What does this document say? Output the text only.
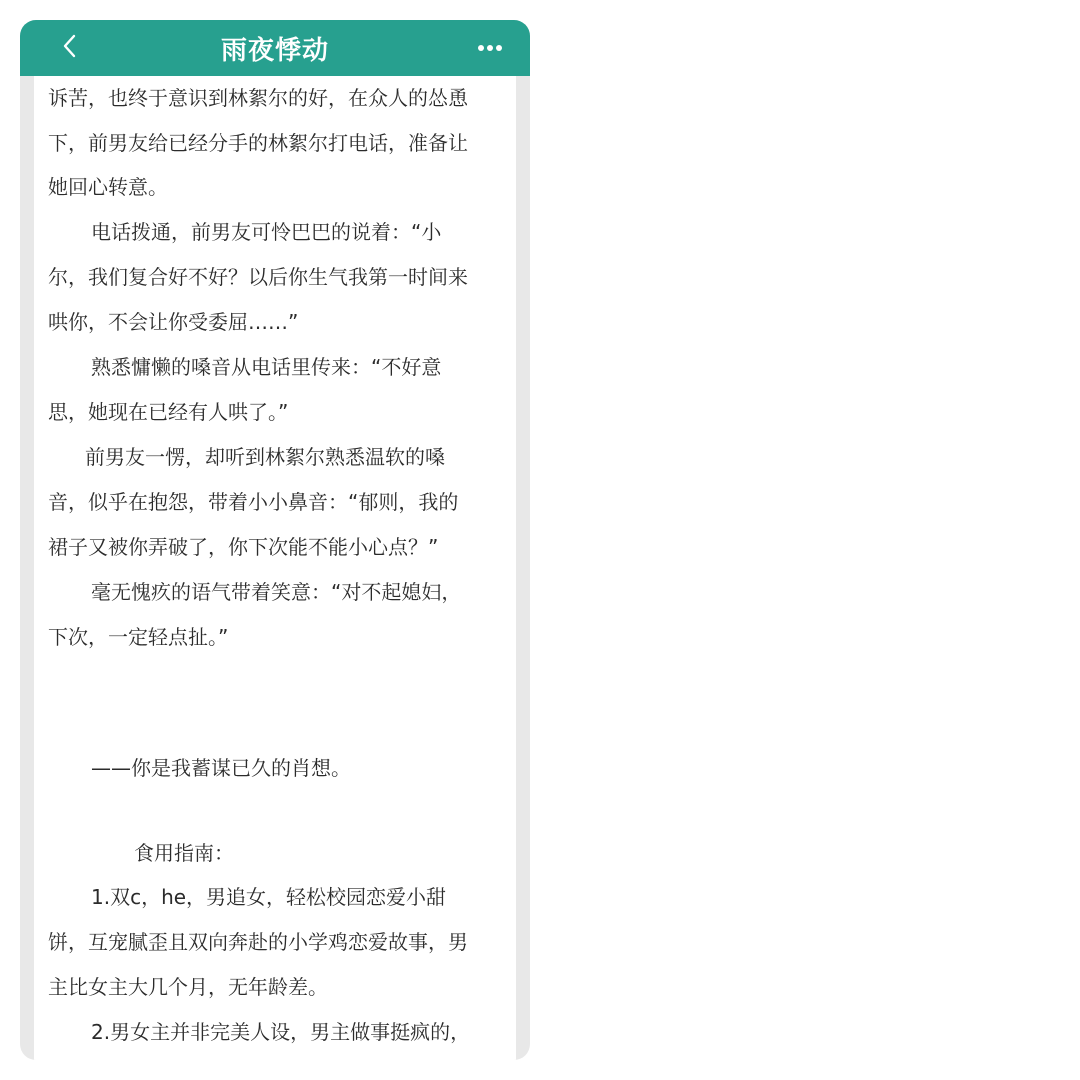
雨夜悸动
诉苦，也终于意识到林絮尔的好，在众人的怂恿
下，前男友给已经分手的林絮尔打电话，准备让
她回心转意。
电话拨通，前男友可怜巴巴的说着：“小
尔，我们复合好不好？以后你生气我第一时间来
哄你，不会让你受委屈……”
熟悉慵懒的嗓音从电话里传来：“不好意
思，她现在已经有人哄了。”
前男友一愣，却听到林絮尔熟悉温软的嗓
音，似乎在抱怨，带着小小鼻音：“郁则，我的
裙子又被你弄破了，你下次能不能小心点？”
毫无愧疚的语气带着笑意：“对不起媳妇，
下次，一定轻点扯。”
——你是我蓄谋已久的肖想。
食用指南：
1.双c，he，男追女，轻松校园恋爱小甜
饼，互宠腻歪且双向奔赴的小学鸡恋爱故事，男
主比女主大几个月，无年龄差。
2.男女主并非完美人设，男主做事挺疯的，
